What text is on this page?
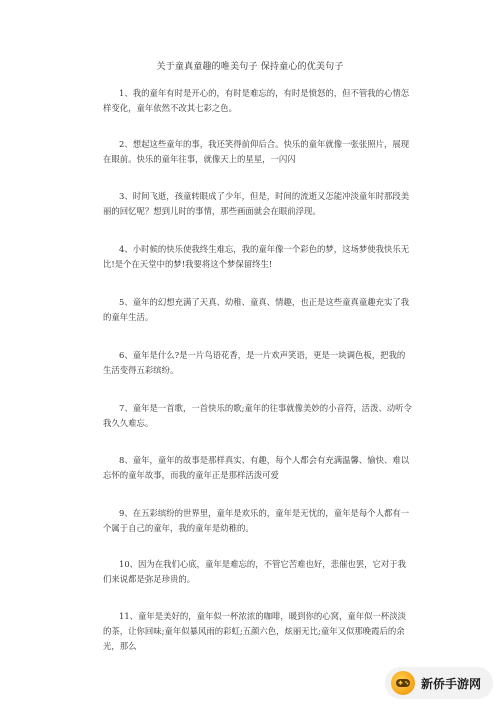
关于童真童趣的唯美句子 保持童心的优美句子

1、我的童年有时是开心的，有时是难忘的，有时是愤怒的，但不管我的心情怎样变化，童年依然不改其七彩之色。

2、想起这些童年的事，我还笑得前仰后合。快乐的童年就像一张张照片，展现在眼前。快乐的童年往事，就像天上的星星，一闪闪

3、时间飞逝，孩童转眼成了少年，但是，时间的流逝又怎能冲淡童年时那段美丽的回忆呢？想到儿时的事情，那些画面就会在眼前浮现。

4、小时候的快乐使我终生难忘，我的童年像一个彩色的梦，这场梦使我快乐无比!是个在天堂中的梦!我要将这个梦保留终生!

5、童年的幻想充满了天真、幼稚、童真、情趣，也正是这些童真童趣充实了我的童年生活。

6、童年是什么?是一片鸟语花香，是一片欢声笑语，更是一块调色板，把我的生活变得五彩缤纷。

7、童年是一首歌，一首快乐的歌;童年的往事就像美妙的小音符，活泼、动听令我久久难忘。

8、童年，童年的故事是那样真实、有趣，每个人都会有充满温馨、愉快、难以忘怀的童年故事，而我的童年正是那样活泼可爱

9、在五彩缤纷的世界里，童年是欢乐的，童年是无忧的，童年是每个人都有一个属于自己的童年，我的童年是幼稚的。

10、因为在我们心底，童年是难忘的，不管它苦难也好，悲催也罢，它对于我们来说都是弥足珍贵的。

11、童年是美好的，童年似一杯浓浓的咖啡，暖到你的心窝，童年似一杯淡淡的茶，让你回味;童年似暴风雨的彩虹;五颜六色，炫丽无比;童年又似那晚霞后的余光，那么

新侨手游网
